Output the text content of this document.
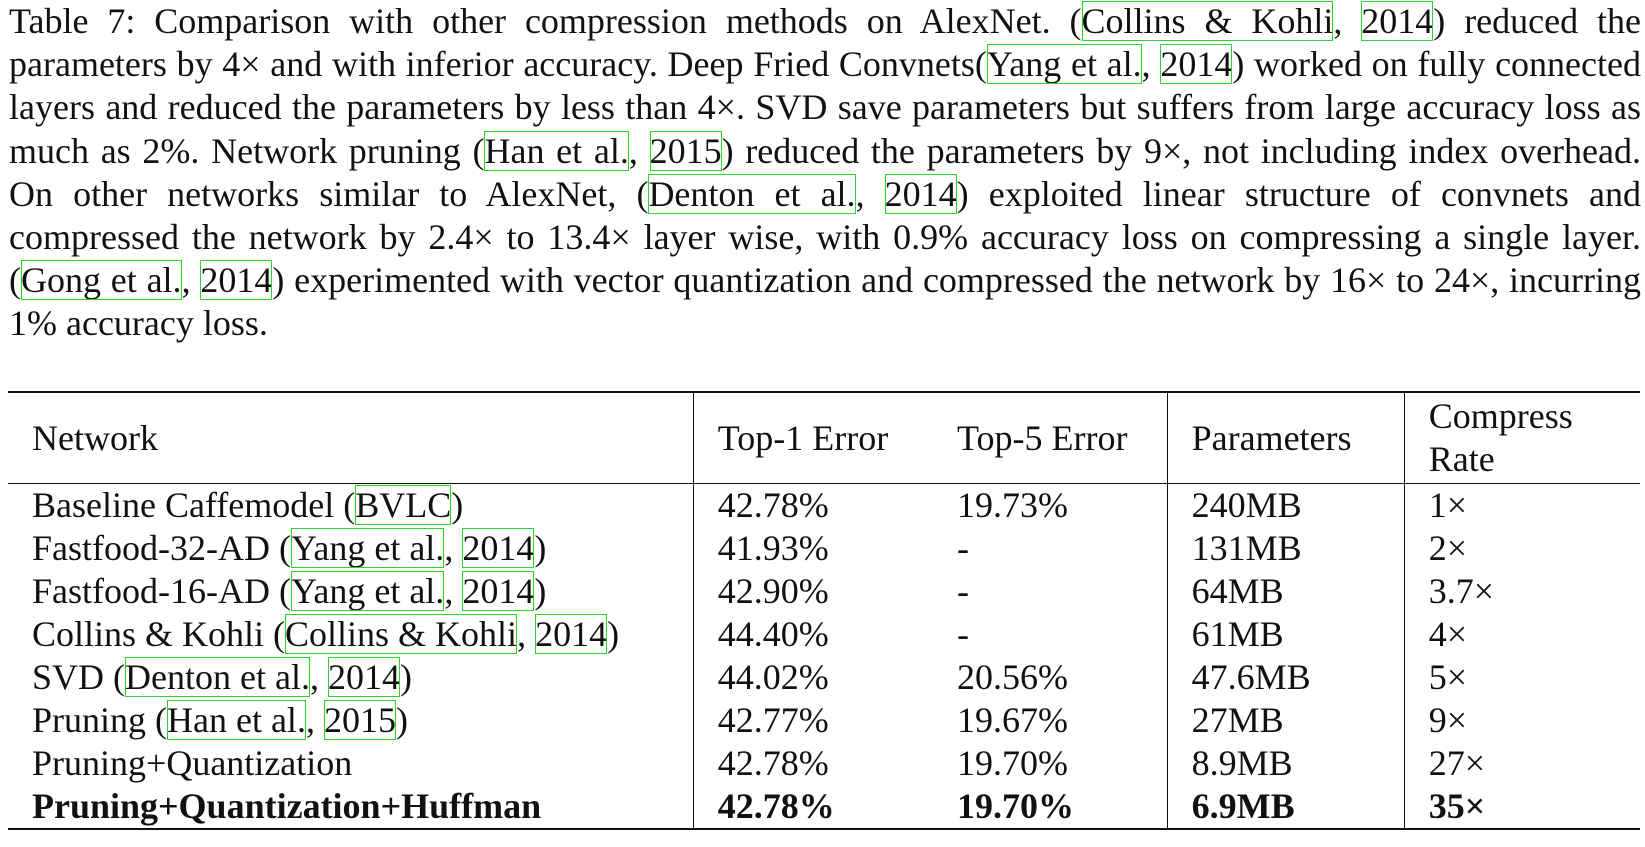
Table 7: Comparison with other compression methods on AlexNet. (Collins & Kohli, 2014) reduced the parameters by 4× and with inferior accuracy. Deep Fried Convnets(Yang et al., 2014) worked on fully connected layers and reduced the parameters by less than 4×. SVD save parameters but suffers from large accuracy loss as much as 2%. Network pruning (Han et al., 2015) reduced the parameters by 9×, not including index overhead. On other networks similar to AlexNet, (Denton et al., 2014) exploited linear structure of convnets and compressed the network by 2.4× to 13.4× layer wise, with 0.9% accuracy loss on compressing a single layer. (Gong et al., 2014) experimented with vector quantization and compressed the network by 16× to 24×, incurring 1% accuracy loss.
Network	Top-1 Error	Top-5 Error	Parameters	Compress
Rate
Baseline Caffemodel (BVLC)	42.78%	19.73%	240MB	1×
Fastfood-32-AD (Yang et al., 2014)	41.93%	-	131MB	2×
Fastfood-16-AD (Yang et al., 2014)	42.90%	-	64MB	3.7×
Collins & Kohli (Collins & Kohli, 2014)	44.40%	-	61MB	4×
SVD (Denton et al., 2014)	44.02%	20.56%	47.6MB	5×
Pruning (Han et al., 2015)	42.77%	19.67%	27MB	9×
Pruning+Quantization	42.78%	19.70%	8.9MB	27×
Pruning+Quantization+Huffman	42.78%	19.70%	6.9MB	35×
